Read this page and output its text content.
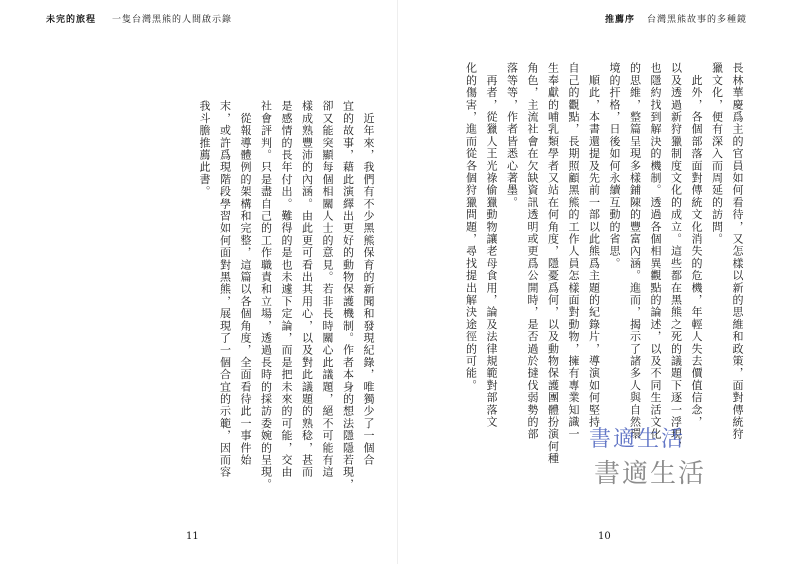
未完的旅程 一隻台灣黑熊的人間啟示錄	推薦序 台灣黑熊故事的多種鏡
長林華慶爲主的官員如何看待，又怎樣以新的思維和政策，面對傳統狩
獵文化，便有深入而周延的訪問。
　此外，各個部落面對傳統文化消失的危機，年輕人失去價值信念，
以及透過新狩獵制度文化的成立。這些都在黑熊之死的議題下逐一浮現，
也隱約找到解決的機制。透過各個相異觀點的論述，以及不同生活文化
的思維，整篇呈現多樣鋪陳的豐富內涵。進而，揭示了諸多人與自然環
境的扞格，日後如何永續互動的省思。
　順此，本書還提及先前一部以此熊爲主題的紀錄片，導演如何堅持
自己的觀點，長期照顧黑熊的工作人員怎樣面對動物，擁有專業知識一
生奉獻的哺乳類學者又站在何角度，隱憂爲何，以及動物保護團體扮演何種
角色，主流社會在欠缺資訊透明或更爲公開時，是否過於撻伐弱勢的部
落等等，作者皆悉心著墨。
　再者，從獵人王光祿偷獵動物讓老母食用，論及法律規範對部落文
化的傷害，進而從各個狩獵問題，尋找提出解決途徑的可能。
　近年來，我們有不少黑熊保育的新聞和發現紀錄，唯獨少了一個合
宜的故事，藉此演繹出更好的動物保護機制。作者本身的想法隱隱若現，
卻又能突顯每個相關人士的意見。若非長時關心此議題，絕不可能有這
樣成熟豐沛的內涵。由此更可看出其用心，以及對此議題的熟稔，甚而
是感情的長年付出。難得的是也未遽下定論，而是把未來的可能，交由
社會評判。只是盡自己的工作職責和立場，透過長時的採訪委婉的呈現。
　從報導體例的架構和完整，這篇以各個角度，全面看待此一事件始
末，或許爲現階段學習如何面對黑熊，展現了一個合宜的示範，因而容
我斗膽推薦此書。
書適生活
書適生活
11	10
